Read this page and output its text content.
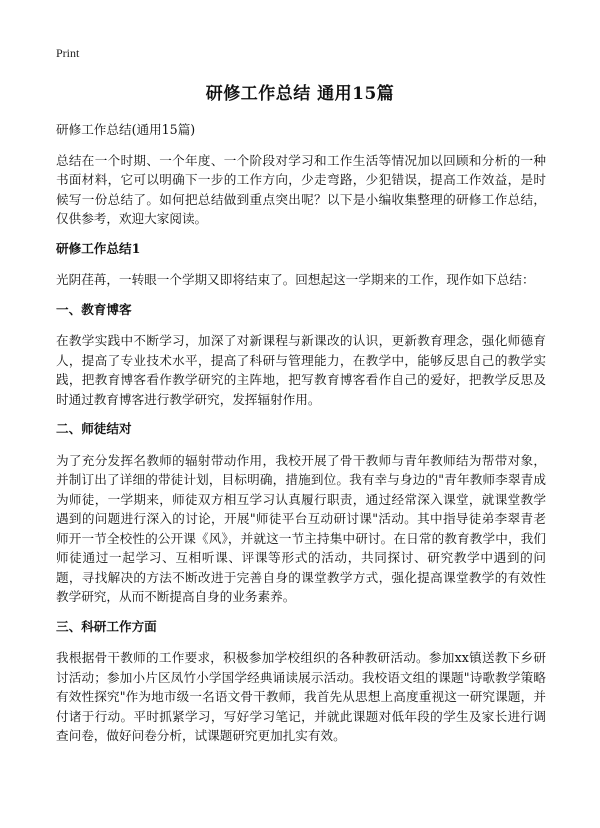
Print
研修工作总结 通用15篇

研修工作总结(通用15篇)

总结在一个时期、一个年度、一个阶段对学习和工作生活等情况加以回顾和分析的一种书面材料，它可以明确下一步的工作方向，少走弯路，少犯错误，提高工作效益，是时候写一份总结了。如何把总结做到重点突出呢？以下是小编收集整理的研修工作总结，仅供参考，欢迎大家阅读。

研修工作总结1

光阴荏苒，一转眼一个学期又即将结束了。回想起这一学期来的工作，现作如下总结：

一、教育博客

在教学实践中不断学习，加深了对新课程与新课改的认识，更新教育理念，强化师德育人，提高了专业技术水平，提高了科研与管理能力，在教学中，能够反思自己的教学实践，把教育博客看作教学研究的主阵地，把写教育博客看作自己的爱好，把教学反思及时通过教育博客进行教学研究，发挥辐射作用。

二、师徒结对

为了充分发挥名教师的辐射带动作用，我校开展了骨干教师与青年教师结为帮带对象，并制订出了详细的带徒计划，目标明确，措施到位。我有幸与身边的"青年教师李翠青成为师徒，一学期来，师徒双方相互学习认真履行职责，通过经常深入课堂，就课堂教学遇到的问题进行深入的讨论，开展"师徒平台互动研讨课"活动。其中指导徒弟李翠青老师开一节全校性的公开课《风》，并就这一节主持集中研讨。在日常的教育教学中，我们师徒通过一起学习、互相听课、评课等形式的活动，共同探讨、研究教学中遇到的问题，寻找解决的方法不断改进于完善自身的课堂教学方式，强化提高课堂教学的有效性教学研究，从而不断提高自身的业务素养。

三、科研工作方面

我根据骨干教师的工作要求，积极参加学校组织的各种教研活动。参加xx镇送教下乡研讨活动；参加小片区凤竹小学国学经典诵读展示活动。我校语文组的课题"诗歌教学策略有效性探究"作为地市级一名语文骨干教师，我首先从思想上高度重视这一研究课题，并付诸于行动。平时抓紧学习，写好学习笔记，并就此课题对低年段的学生及家长进行调查问卷，做好问卷分析，试课题研究更加扎实有效。
